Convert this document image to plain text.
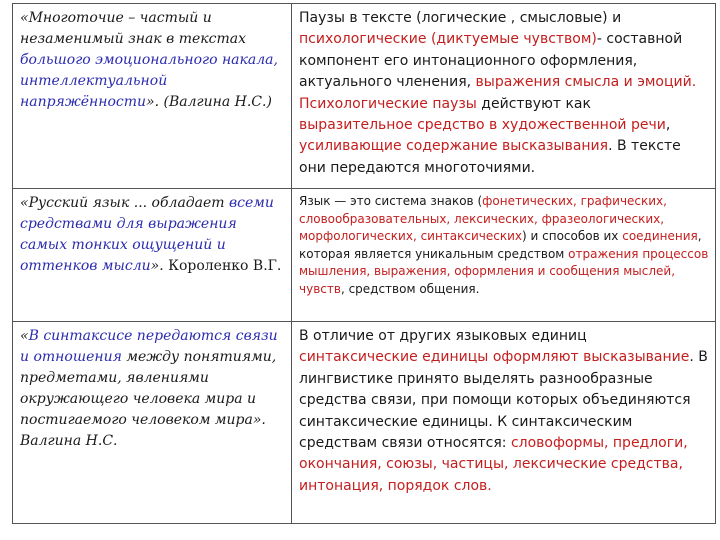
«Многоточие – частый и незаменимый знак в текстах большого эмоционального накала, интеллектуальной напряжённости». (Валгина Н.С.)	Паузы в тексте (логические , смысловые) и психологические (диктуемые чувством)- составной компонент его интонационного оформления, актуального членения, выражения смысла и эмоций. Психологические паузы действуют как выразительное средство в художественной речи, усиливающие содержание высказывания. В тексте они передаются многоточиями.
«Русский язык ... обладает всеми средствами для выражения самых тонких ощущений и оттенков мысли». Короленко В.Г.	Язык — это система знаков (фонетических, графических, словообразовательных, лексических, фразеологических, морфологических, синтаксических) и способов их соединения, которая является уникальным средством отражения процессов мышления, выражения, оформления и сообщения мыслей, чувств, средством общения.
«В синтаксисе передаются связи и отношения между понятиями, предметами, явлениями окружающего человека мира и постигаемого человеком мира». Валгина Н.С.	В отличие от других языковых единиц синтаксические единицы оформляют высказывание. В лингвистике принято выделять разнообразные средства связи, при помощи которых объединяются синтаксические единицы. К синтаксическим средствам связи относятся: словоформы, предлоги, окончания, союзы, частицы, лексические средства, интонация, порядок слов.
